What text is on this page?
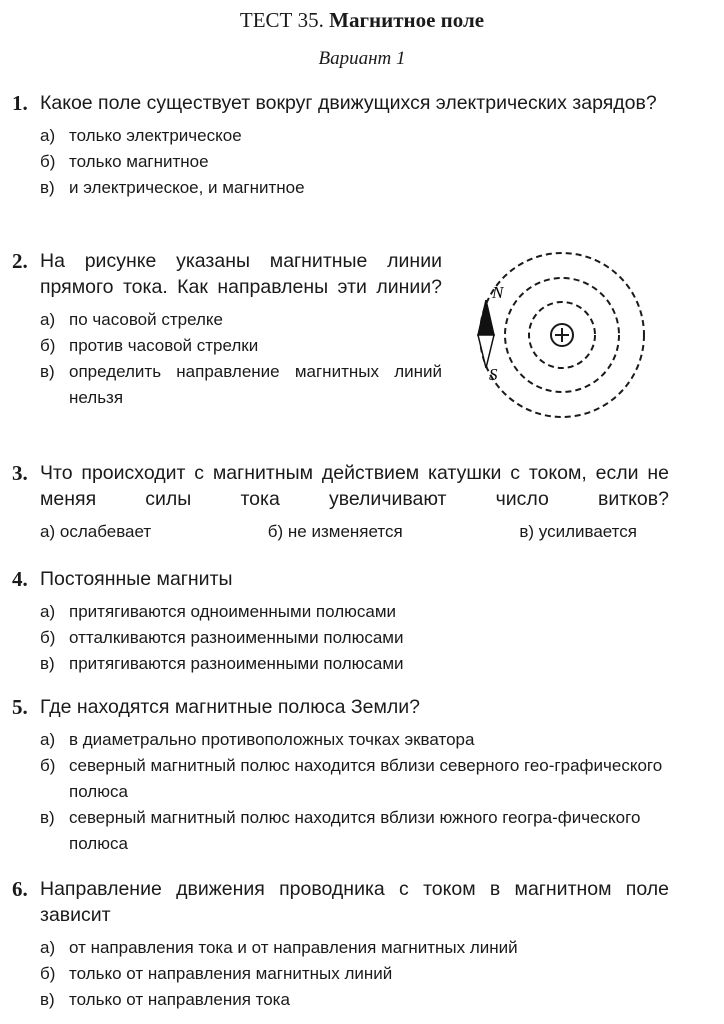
ТЕСТ 35. Магнитное поле
Вариант 1
1. Какое поле существует вокруг движущихся электрических зарядов?
а) только электрическое
б) только магнитное
в) и электрическое, и магнитное
2. На рисунке указаны магнитные линии прямого тока. Как направлены эти линии?
а) по часовой стрелке
б) против часовой стрелки
в) определить направление магнитных линий нельзя
N
S
3. Что происходит с магнитным действием катушки с током, если не меняя силы тока увеличивают число витков?
а) ослабевает	б) не изменяется	в) усиливается
4. Постоянные магниты
а) притягиваются одноименными полюсами
б) отталкиваются разноименными полюсами
в) притягиваются разноименными полюсами
5. Где находятся магнитные полюса Земли?
а) в диаметрально противоположных точках экватора
б) северный магнитный полюс находится вблизи северного гео-графического полюса
в) северный магнитный полюс находится вблизи южного геогра-фического полюса
6. Направление движения проводника с током в магнитном поле зависит
а) от направления тока и от направления магнитных линий
б) только от направления магнитных линий
в) только от направления тока
